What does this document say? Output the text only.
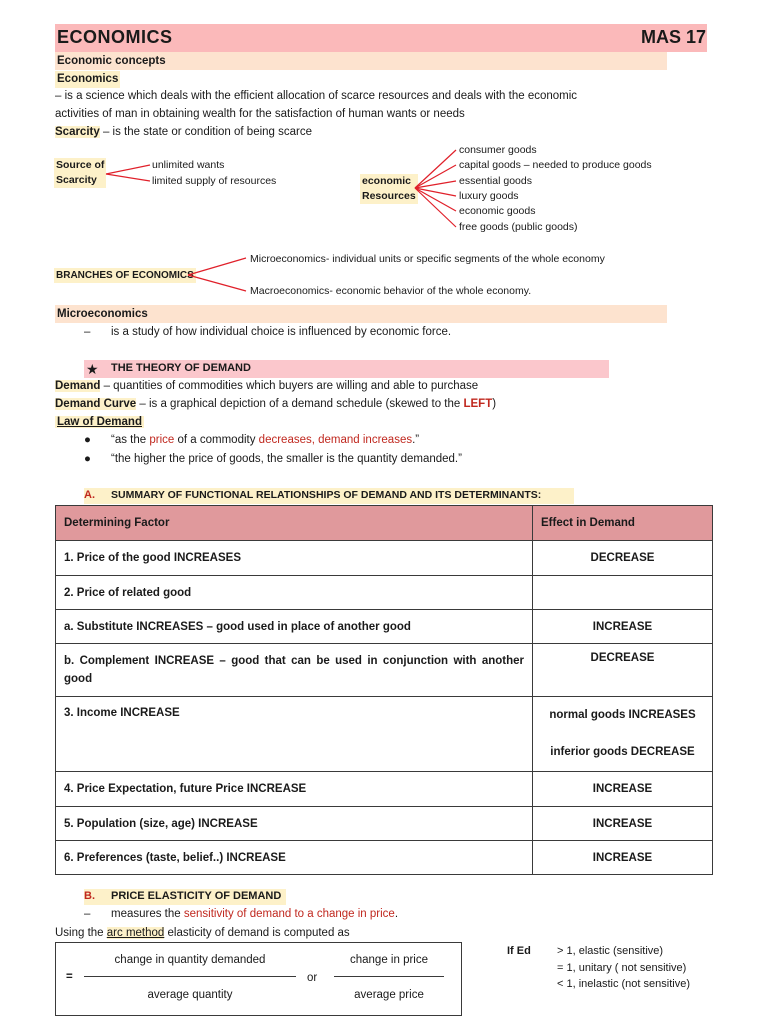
ECONOMICS	MAS 17
Economic concepts
Economics
– is a science which deals with the efficient allocation of scarce resources and deals with the economic
activities of man in obtaining wealth for the satisfaction of human wants or needs
Scarcity – is the state or condition of being scarce
Source of
Scarcity
unlimited wants
limited supply of resources	economic
Resources
consumer goods
capital goods – needed to produce goods
essential goods
luxury goods
economic goods
free goods (public goods)
BRANCHES OF ECONOMICS
Microeconomics- individual units or specific segments of the whole economy
Macroeconomics- economic behavior of the whole economy.
Microeconomics
– is a study of how individual choice is influenced by economic force.
★ THE THEORY OF DEMAND
Demand – quantities of commodities which buyers are willing and able to purchase
Demand Curve – is a graphical depiction of a demand schedule (skewed to the LEFT)
Law of Demand
● “as the price of a commodity decreases, demand increases.”
● “the higher the price of goods, the smaller is the quantity demanded.”
A. SUMMARY OF FUNCTIONAL RELATIONSHIPS OF DEMAND AND ITS DETERMINANTS:
Determining Factor	Effect in Demand
1. Price of the good INCREASES	DECREASE
2. Price of related good	
a. Substitute INCREASES – good used in place of another good	INCREASE
b. Complement INCREASE – good that can be used in conjunction with another good	DECREASE
3. Income INCREASE	normal goods INCREASES
inferior goods DECREASE

4. Price Expectation, future Price INCREASE	INCREASE
5. Population (size, age) INCREASE	INCREASE
6. Preferences (taste, belief..) INCREASE	INCREASE
B. PRICE ELASTICITY OF DEMAND
– measures the sensitivity of demand to a change in price.
Using the arc method elasticity of demand is computed as
=
change in quantity demanded
average quantity
or
change in price
average price
If Ed > 1, elastic (sensitive)
= 1, unitary ( not sensitive)
< 1, inelastic (not sensitive)
